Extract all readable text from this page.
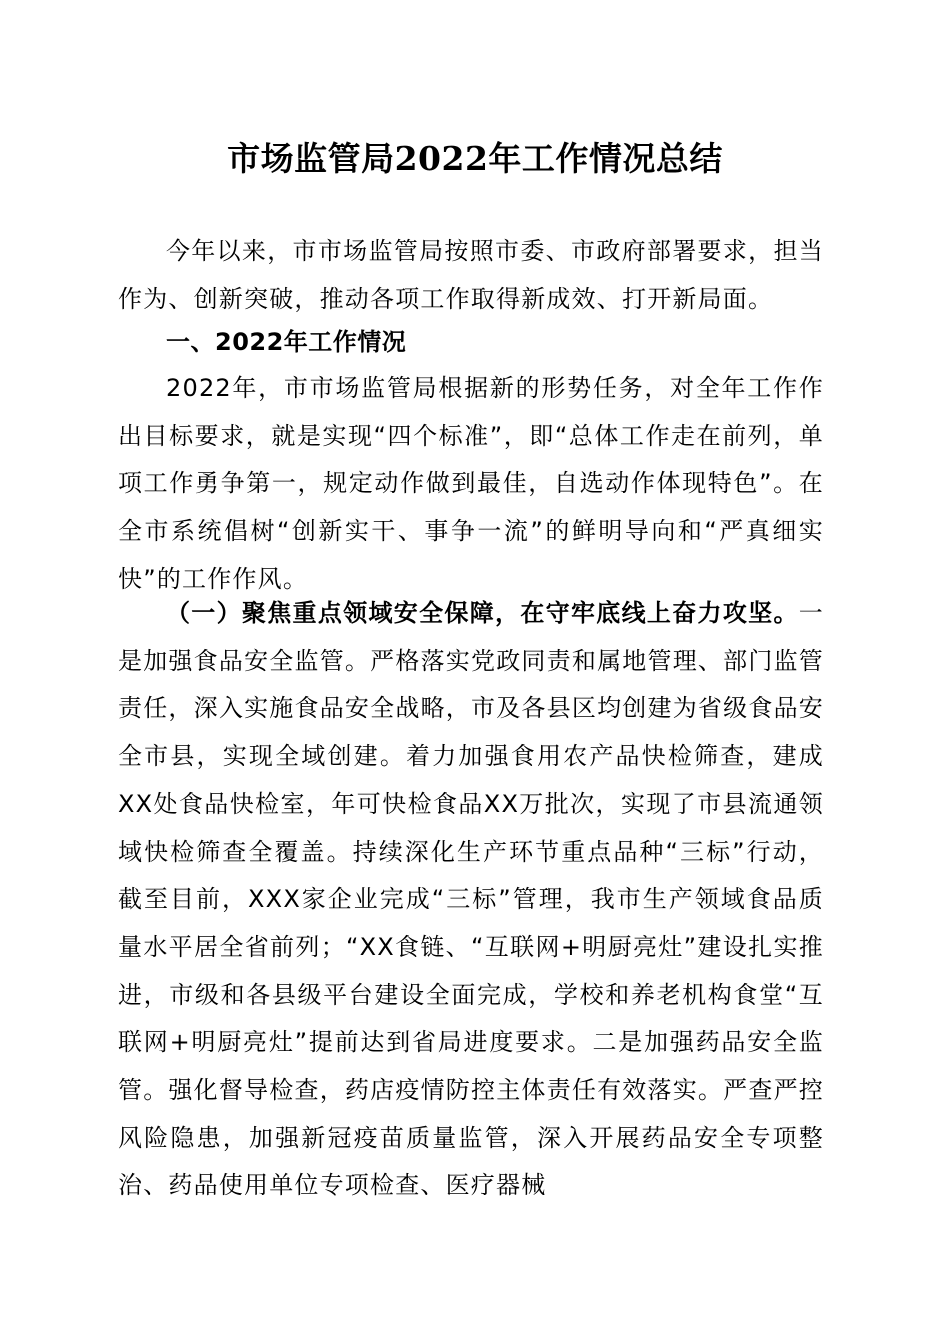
市场监管局2022年工作情况总结
今年以来，市市场监管局按照市委、市政府部署要求，担当作为、创新突破，推动各项工作取得新成效、打开新局面。
一、2022年工作情况
2022年，市市场监管局根据新的形势任务，对全年工作作出目标要求，就是实现“四个标准”，即“总体工作走在前列，单项工作勇争第一，规定动作做到最佳，自选动作体现特色”。在全市系统倡树“创新实干、事争一流”的鲜明导向和“严真细实快”的工作作风。
（一）聚焦重点领域安全保障，在守牢底线上奋力攻坚。一是加强食品安全监管。严格落实党政同责和属地管理、部门监管责任，深入实施食品安全战略，市及各县区均创建为省级食品安全市县，实现全域创建。着力加强食用农产品快检筛查，建成XX处食品快检室，年可快检食品XX万批次，实现了市县流通领域快检筛查全覆盖。持续深化生产环节重点品种“三标”行动，截至目前，XXX家企业完成“三标”管理，我市生产领域食品质量水平居全省前列；“XX食链、“互联网+明厨亮灶”建设扎实推进，市级和各县级平台建设全面完成，学校和养老机构食堂“互联网+明厨亮灶”提前达到省局进度要求。二是加强药品安全监管。强化督导检查，药店疫情防控主体责任有效落实。严查严控风险隐患，加强新冠疫苗质量监管，深入开展药品安全专项整治、药品使用单位专项检查、医疗器械
